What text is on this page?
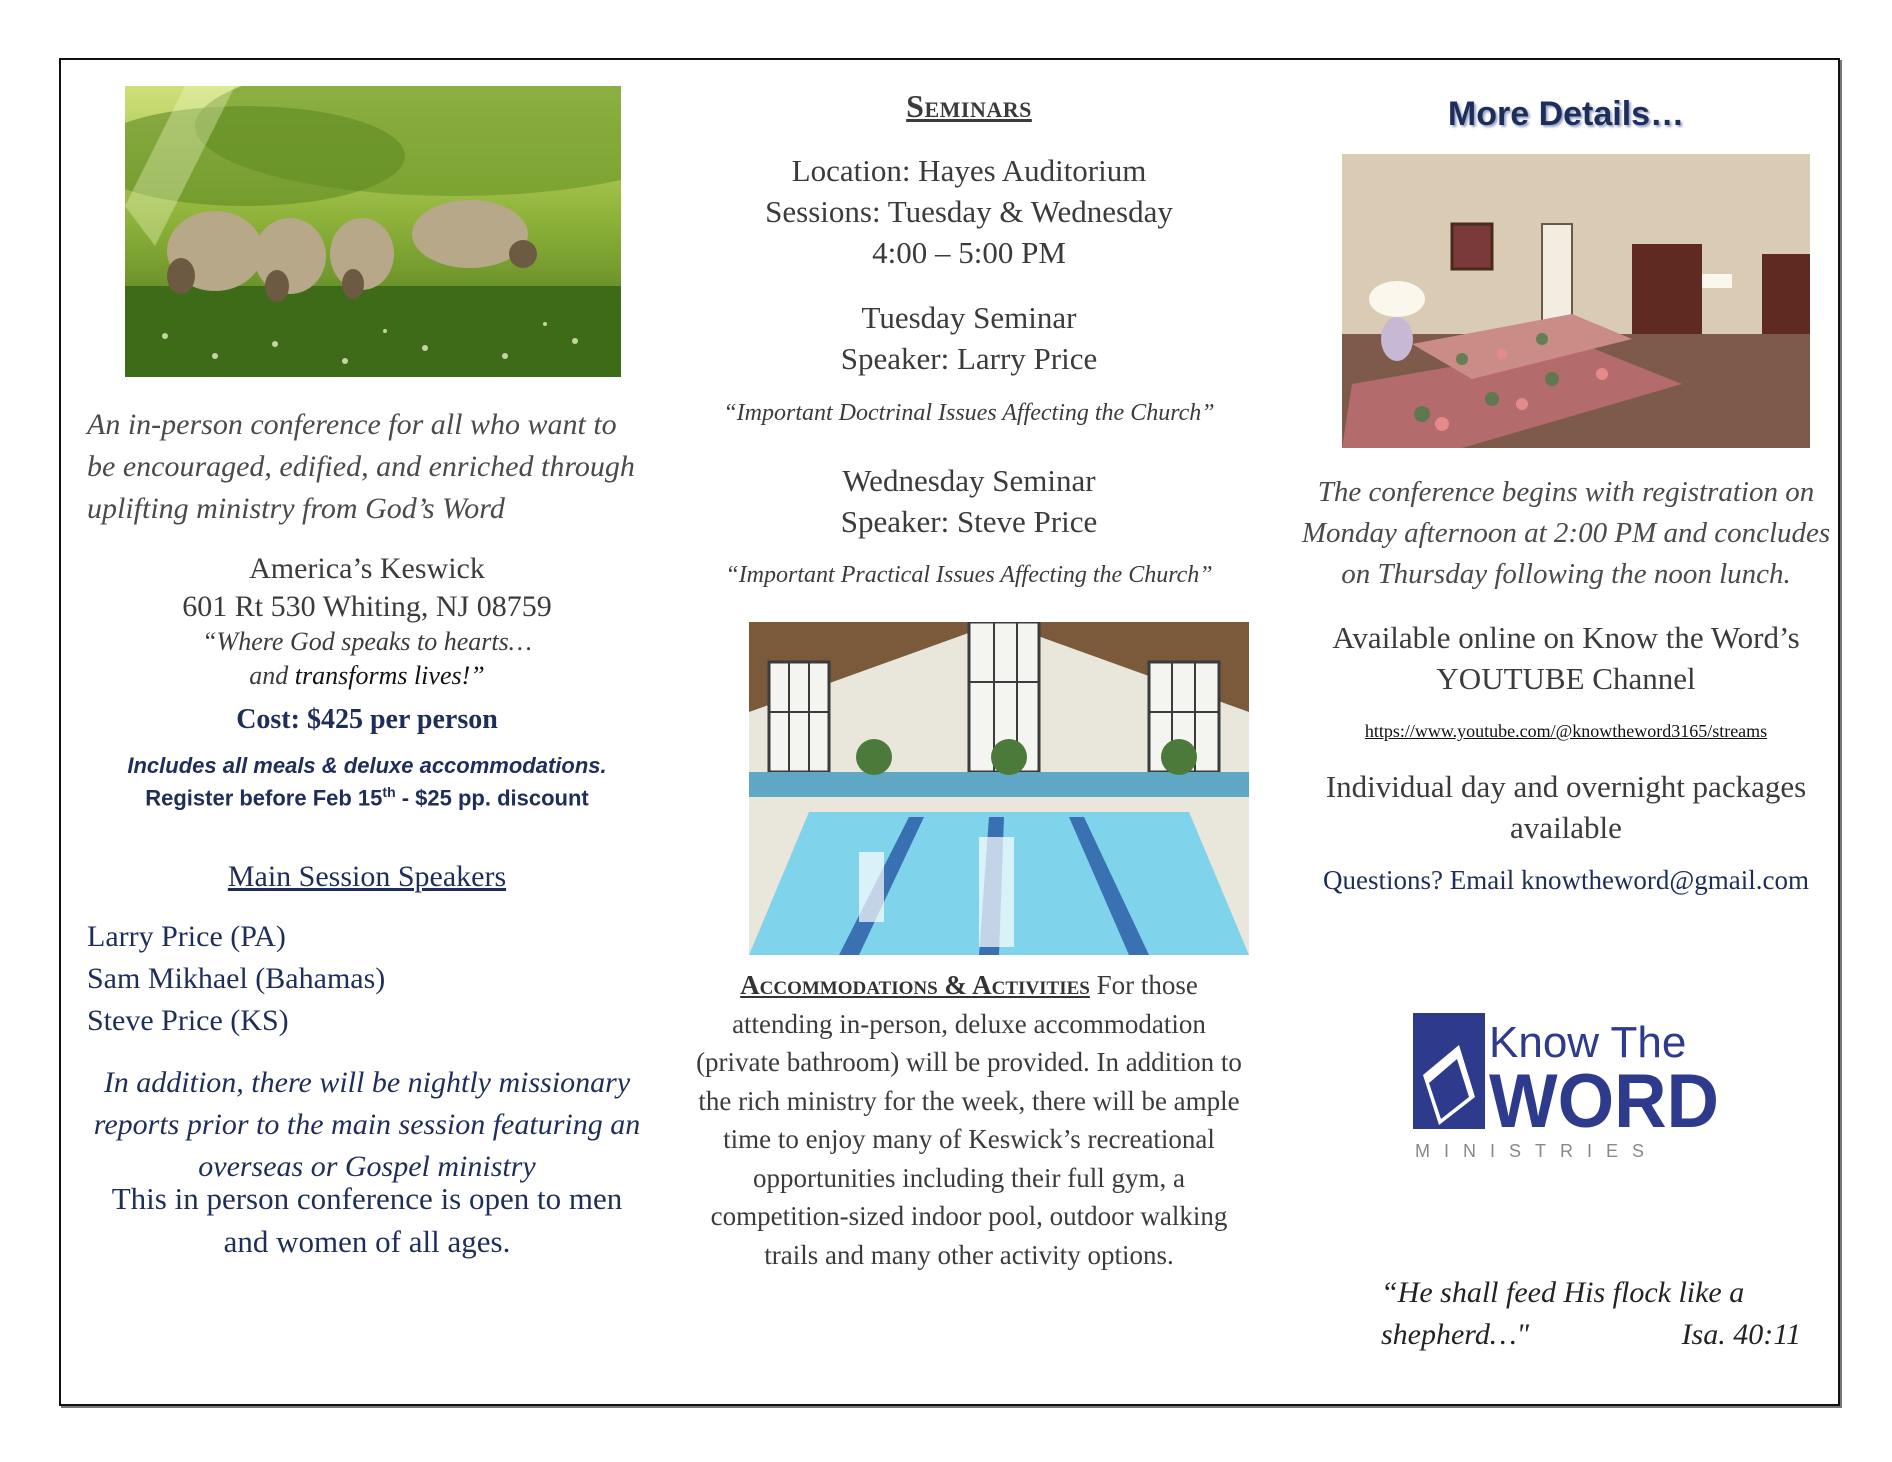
An in-person conference for all who want to be encouraged, edified, and enriched through uplifting ministry from God’s Word

America’s Keswick

601 Rt 530 Whiting, NJ 08759

“Where God speaks to hearts…

and transforms lives!”

Cost: $425 per person

Includes all meals & deluxe accommodations.

Register before Feb 15th - $25 pp. discount

Main Session Speakers

Larry Price (PA)

Sam Mikhael (Bahamas)

Steve Price (KS)

In addition, there will be nightly missionary reports prior to the main session featuring an overseas or Gospel ministry

This in person conference is open to men and women of all ages.

Seminars

Location: Hayes Auditorium

Sessions: Tuesday & Wednesday

4:00 – 5:00 PM

Tuesday Seminar

Speaker: Larry Price

“Important Doctrinal Issues Affecting the Church”

Wednesday Seminar

Speaker: Steve Price

“Important Practical Issues Affecting the Church”

Accommodations & Activities For those attending in-person, deluxe accommodation (private bathroom) will be provided. In addition to the rich ministry for the week, there will be ample time to enjoy many of Keswick’s recreational opportunities including their full gym, a competition-sized indoor pool, outdoor walking trails and many other activity options.

More Details…

The conference begins with registration on Monday afternoon at 2:00 PM and concludes on Thursday following the noon lunch.

Available online on Know the Word’s

YOUTUBE Channel

https://www.youtube.com/@knowtheword3165/streams

Individual day and overnight packages available

Questions? Email knowtheword@gmail.com

Know The
WORD
MINISTRIES
“He shall feed His flock like a shepherd…"	Isa. 40:11
